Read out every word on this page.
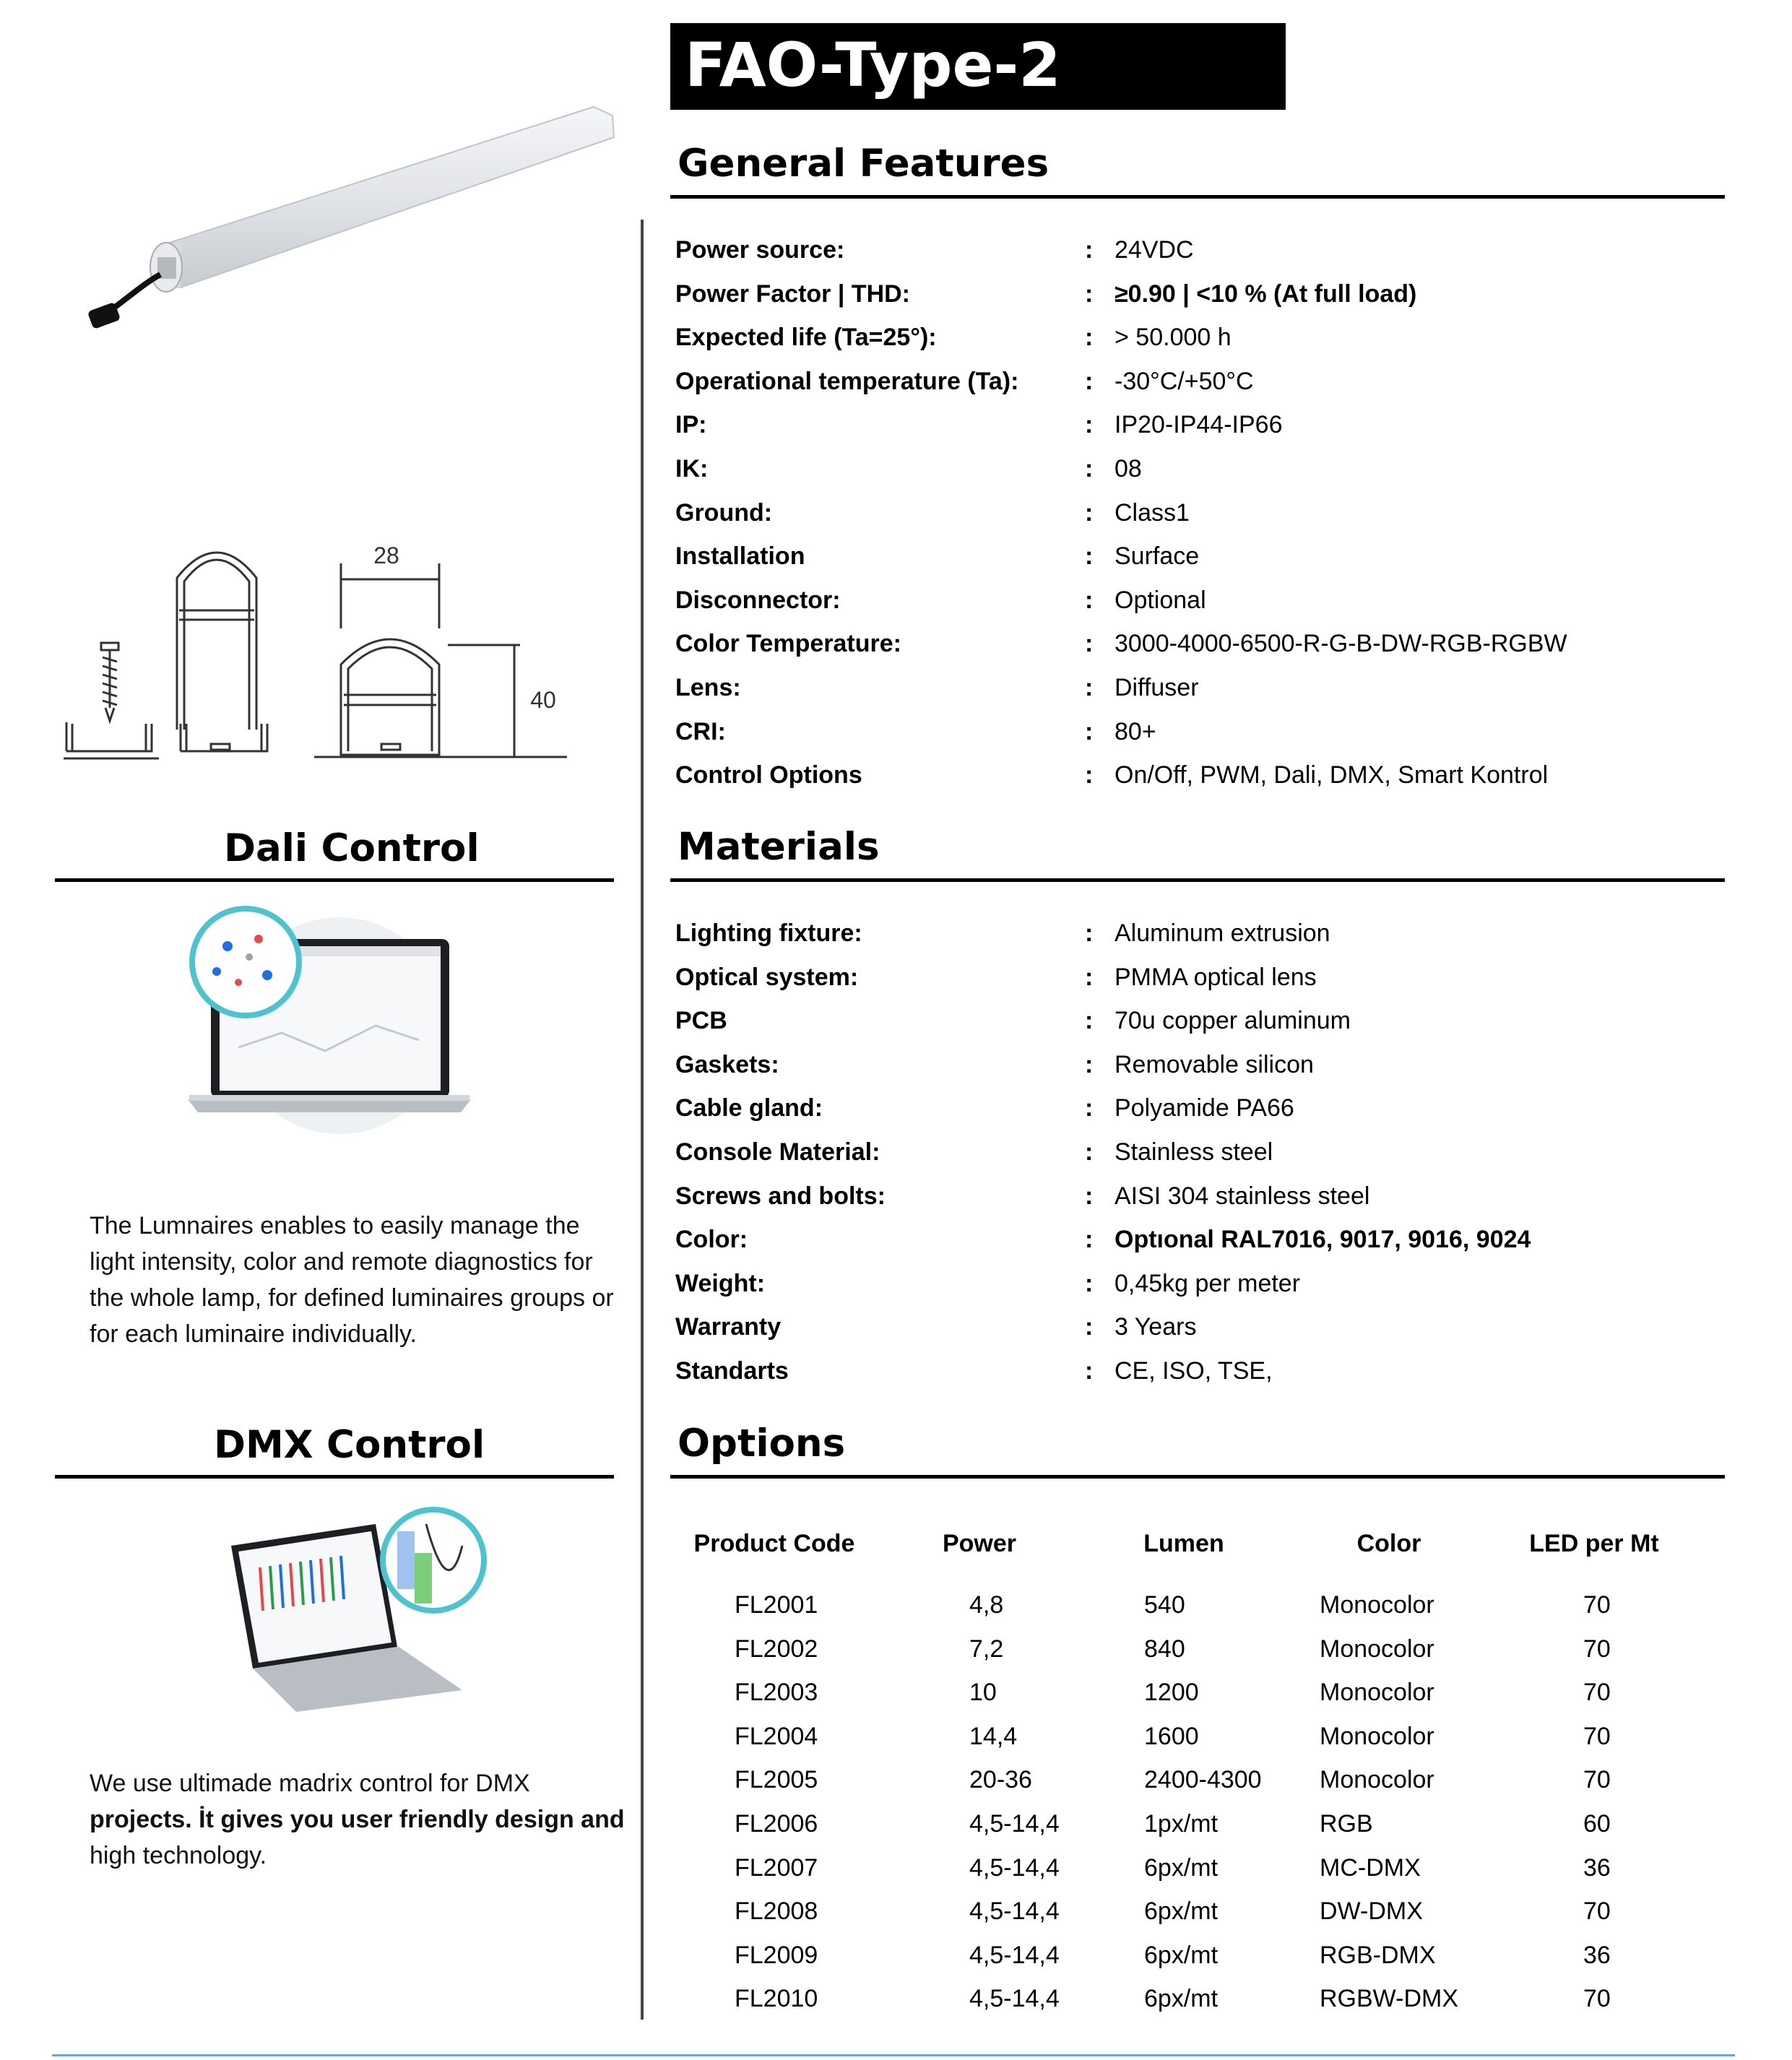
FAO-Type-2
28
40
General Features
Power source:	: 24VDC
Power Factor | THD:	: ≥0.90 | <10 % (At full load)
Expected life (Ta=25°):	: > 50.000 h
Operational temperature (Ta):	: -30°C/+50°C
IP:	: IP20-IP44-IP66
IK:	: 08
Ground:	: Class1
Installation	: Surface
Disconnector:	: Optional
Color Temperature:	: 3000-4000-6500-R-G-B-DW-RGB-RGBW
Lens:	: Diffuser
CRI:	: 80+
Control Options	: On/Off, PWM, Dali, DMX, Smart Kontrol
Materials
Lighting fixture:	: Aluminum extrusion
Optical system:	: PMMA optical lens
PCB	: 70u copper aluminum
Gaskets:	: Removable silicon
Cable gland:	: Polyamide PA66
Console Material:	: Stainless steel
Screws and bolts:	: AISI 304 stainless steel
Color:	: Optıonal RAL7016, 9017, 9016, 9024
Weight:	: 0,45kg per meter
Warranty	: 3 Years
Standarts	: CE, ISO, TSE,
Options
Product Code	Power	Lumen	Color	LED per Mt
FL2001	4,8	540	Monocolor	70
FL2002	7,2	840	Monocolor	70
FL2003	10	1200	Monocolor	70
FL2004	14,4	1600	Monocolor	70
FL2005	20-36	2400-4300 Monocolor	70
FL2006	4,5-14,4	1px/mt	RGB	60
FL2007	4,5-14,4	6px/mt	MC-DMX	36
FL2008	4,5-14,4	6px/mt	DW-DMX	70
FL2009	4,5-14,4	6px/mt	RGB-DMX	36
FL2010	4,5-14,4	6px/mt	RGBW-DMX	70
Dali Control
The Lumnaires enables to easily manage the light intensity, color and remote diagnostics for the whole lamp, for defined luminaires groups or for each luminaire individually.
DMX Control
We use ultimade madrix control for DMX
projects. İt gives you user friendly design and
high technology.
